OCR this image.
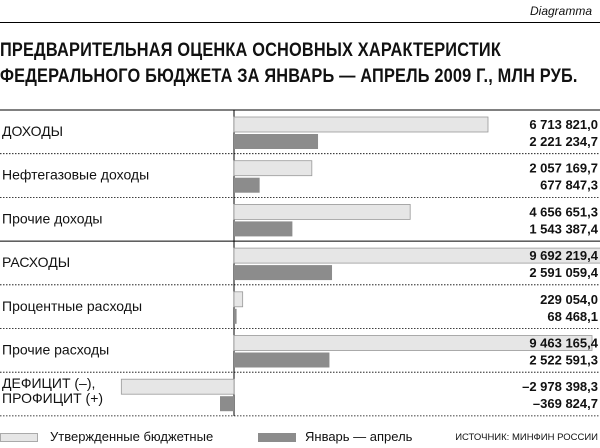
Diagramma
ПРЕДВАРИТЕЛЬНАЯ ОЦЕНКА ОСНОВНЫХ ХАРАКТЕРИСТИК
ФЕДЕРАЛЬНОГО БЮДЖЕТА ЗА ЯНВАРЬ — АПРЕЛЬ 2009 Г., МЛН РУБ.
ДОХОДЫ	6 713 821,0
2 221 234,7
Нефтегазовые доходы	2 057 169,7
677 847,3
Прочие доходы	4 656 651,3
1 543 387,4
РАСХОДЫ	9 692 219,4
2 591 059,4
Процентные расходы	229 054,0
68 468,1
Прочие расходы	9 463 165,4
2 522 591,3
ДЕФИЦИТ (–),
ПРОФИЦИТ (+)
–2 978 398,3
–369 824,7
Утвержденные бюджетные	Январь — апрель	ИСТОЧНИК: МИНФИН РОССИИ
